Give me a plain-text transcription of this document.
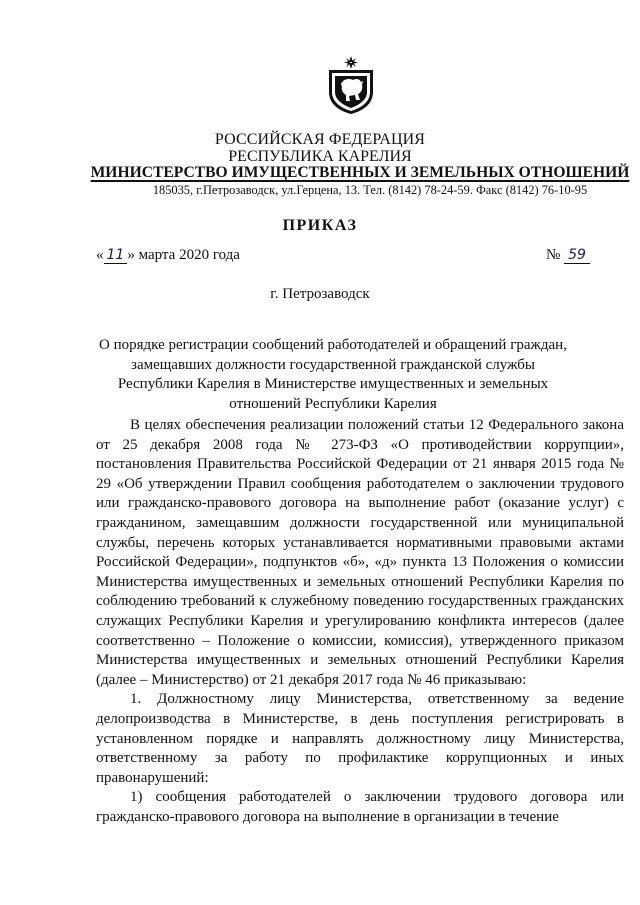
РОССИЙСКАЯ ФЕДЕРАЦИЯ
РЕСПУБЛИКА КАРЕЛИЯ
МИНИСТЕРСТВО ИМУЩЕСТВЕННЫХ И ЗЕМЕЛЬНЫХ ОТНОШЕНИЙ
185035, г.Петрозаводск, ул.Герцена, 13. Тел. (8142) 78-24-59. Факс (8142) 76-10-95
ПРИКАЗ
« 11 » марта 2020 года	№ 59
г. Петрозаводск
О порядке регистрации сообщений работодателей и обращений граждан, замещавших должности государственной гражданской службы Республики Карелия в Министерстве имущественных и земельных отношений Республики Карелия

В целях обеспечения реализации положений статьи 12 Федерального закона от 25 декабря 2008 года № 273-ФЗ «О противодействии коррупции», постановления Правительства Российской Федерации от 21 января 2015 года № 29 «Об утверждении Правил сообщения работодателем о заключении трудового или гражданско-правового договора на выполнение работ (оказание услуг) с гражданином, замещавшим должности государственной или муниципальной службы, перечень которых устанавливается нормативными правовыми актами Российской Федерации», подпунктов «б», «д» пункта 13 Положения о комиссии Министерства имущественных и земельных отношений Республики Карелия по соблюдению требований к служебному поведению государственных гражданских служащих Республики Карелия и урегулированию конфликта интересов (далее соответственно – Положение о комиссии, комиссия), утвержденного приказом Министерства имущественных и земельных отношений Республики Карелия (далее – Министерство) от 21 декабря 2017 года № 46 приказываю:

1. Должностному лицу Министерства, ответственному за ведение делопроизводства в Министерстве, в день поступления регистрировать в установленном порядке и направлять должностному лицу Министерства, ответственному за работу по профилактике коррупционных и иных правонарушений:

1) сообщения работодателей о заключении трудового договора или гражданско-правового договора на выполнение в организации в течение
